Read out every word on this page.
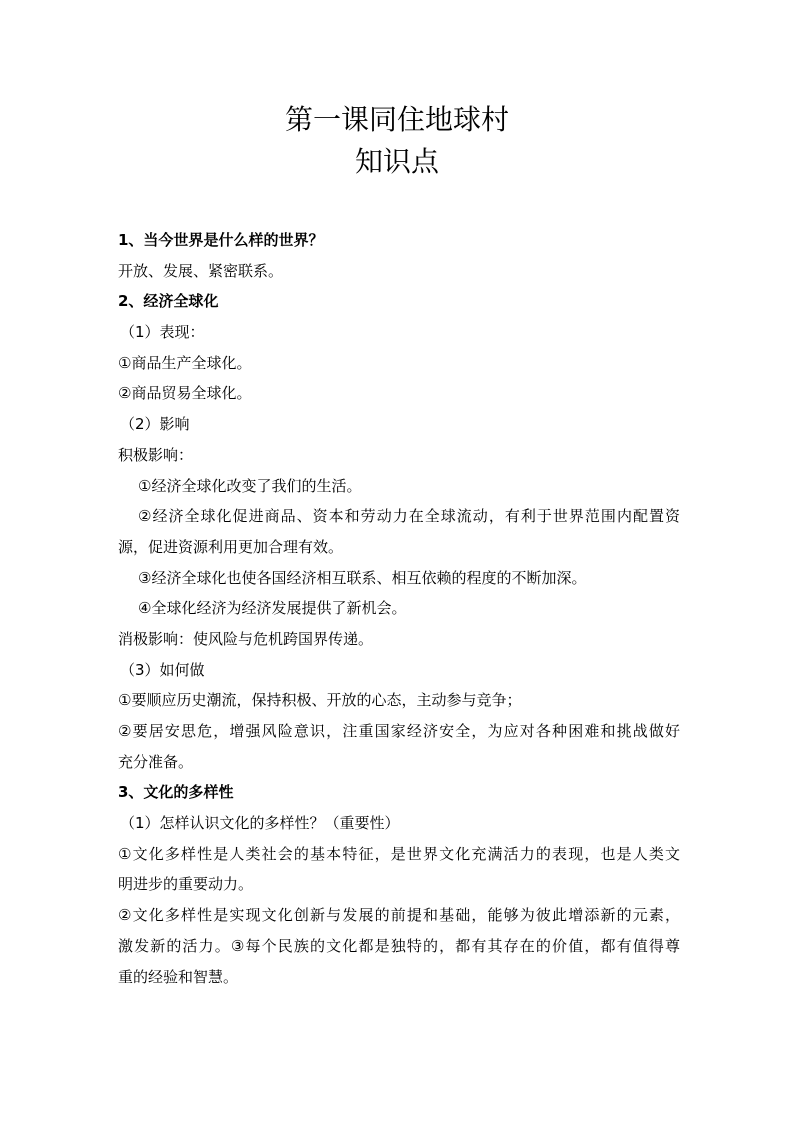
第一课同住地球村
知识点
1、当今世界是什么样的世界？
开放、发展、紧密联系。
2、经济全球化
（1）表现：
①商品生产全球化。
②商品贸易全球化。
（2）影响
积极影响：
①经济全球化改变了我们的生活。
②经济全球化促进商品、资本和劳动力在全球流动，有利于世界范围内配置资
源，促进资源利用更加合理有效。
③经济全球化也使各国经济相互联系、相互依赖的程度的不断加深。
④全球化经济为经济发展提供了新机会。
消极影响：使风险与危机跨国界传递。
（3）如何做
①要顺应历史潮流，保持积极、开放的心态，主动参与竞争；
②要居安思危，增强风险意识，注重国家经济安全，为应对各种困难和挑战做好
充分准备。
3、文化的多样性
（1）怎样认识文化的多样性？（重要性）
①文化多样性是人类社会的基本特征，是世界文化充满活力的表现，也是人类文
明进步的重要动力。
②文化多样性是实现文化创新与发展的前提和基础，能够为彼此增添新的元素，
激发新的活力。③每个民族的文化都是独特的，都有其存在的价值，都有值得尊
重的经验和智慧。
